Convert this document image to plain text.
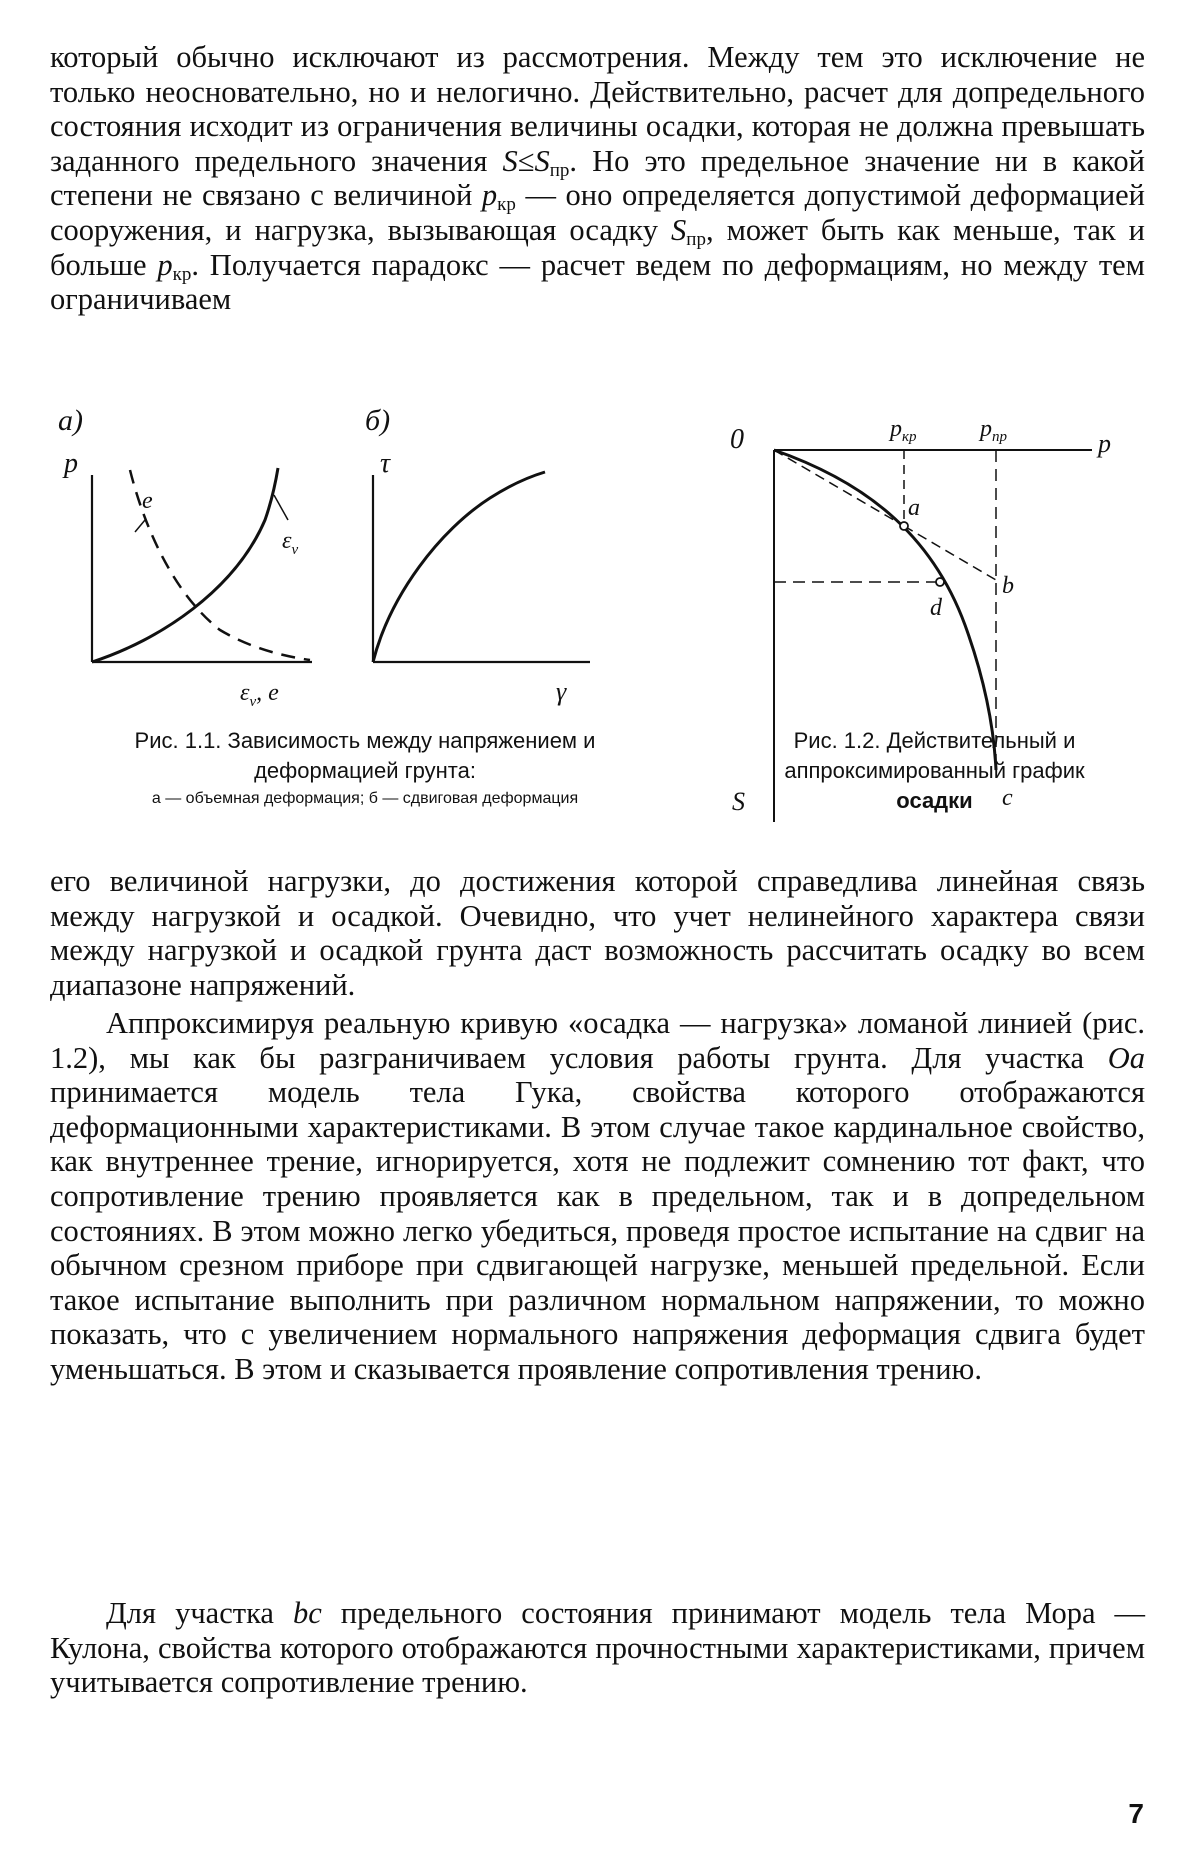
который обычно исключают из рассмотрения. Между тем это исключение не только неосновательно, но и нелогично. Действительно, расчет для допредельного состояния исходит из ограничения величины осадки, которая не должна превышать заданного предельного значения $S\le S_{пр}$. Но это предельное значение ни в какой степени не связано с величиной $p_{кр}$ — оно определяется допустимой деформацией сооружения, и нагрузка, вызывающая осадку $S_{пр}$, может быть как меньше, так и больше $p_{кр}$. Получается парадокс — расчет ведем по деформациям, но между тем ограничиваем

а)
p
e
$\varepsilon_v$
$\varepsilon_v$, e
б)
τ
γ
0	p
S
$p_{кр}$	$p_{пр}$
a
d
b
c
Рис. 1.1. Зависимость между напряжением и
деформацией грунта:
а — объемная деформация; б — сдвиговая деформация
Рис. 1.2. Действительный и
аппроксимированный график
осадки

его величиной нагрузки, до достижения которой справедлива линейная связь между нагрузкой и осадкой. Очевидно, что учет нелинейного характера связи между нагрузкой и осадкой грунта даст возможность рассчитать осадку во всем диапазоне напряжений.

Аппроксимируя реальную кривую «осадка — нагрузка» ломаной линией (рис. 1.2), мы как бы разграничиваем условия работы грунта. Для участка Оа принимается модель тела Гука, свойства которого отображаются деформационными характеристиками. В этом случае такое кардинальное свойство, как внутреннее трение, игнорируется, хотя не подлежит сомнению тот факт, что сопротивление трению проявляется как в предельном, так и в допредельном состояниях. В этом можно легко убедиться, проведя простое испытание на сдвиг на обычном срезном приборе при сдвигающей нагрузке, меньшей предельной. Если такое испытание выполнить при различном нормальном напряжении, то можно показать, что с увеличением нормального напряжения деформация сдвига будет уменьшаться. В этом и сказывается проявление сопротивления трению.

Для участка bc предельного состояния принимают модель тела Мора — Кулона, свойства которого отображаются прочностными характеристиками, причем учитывается сопротивление трению.

7
